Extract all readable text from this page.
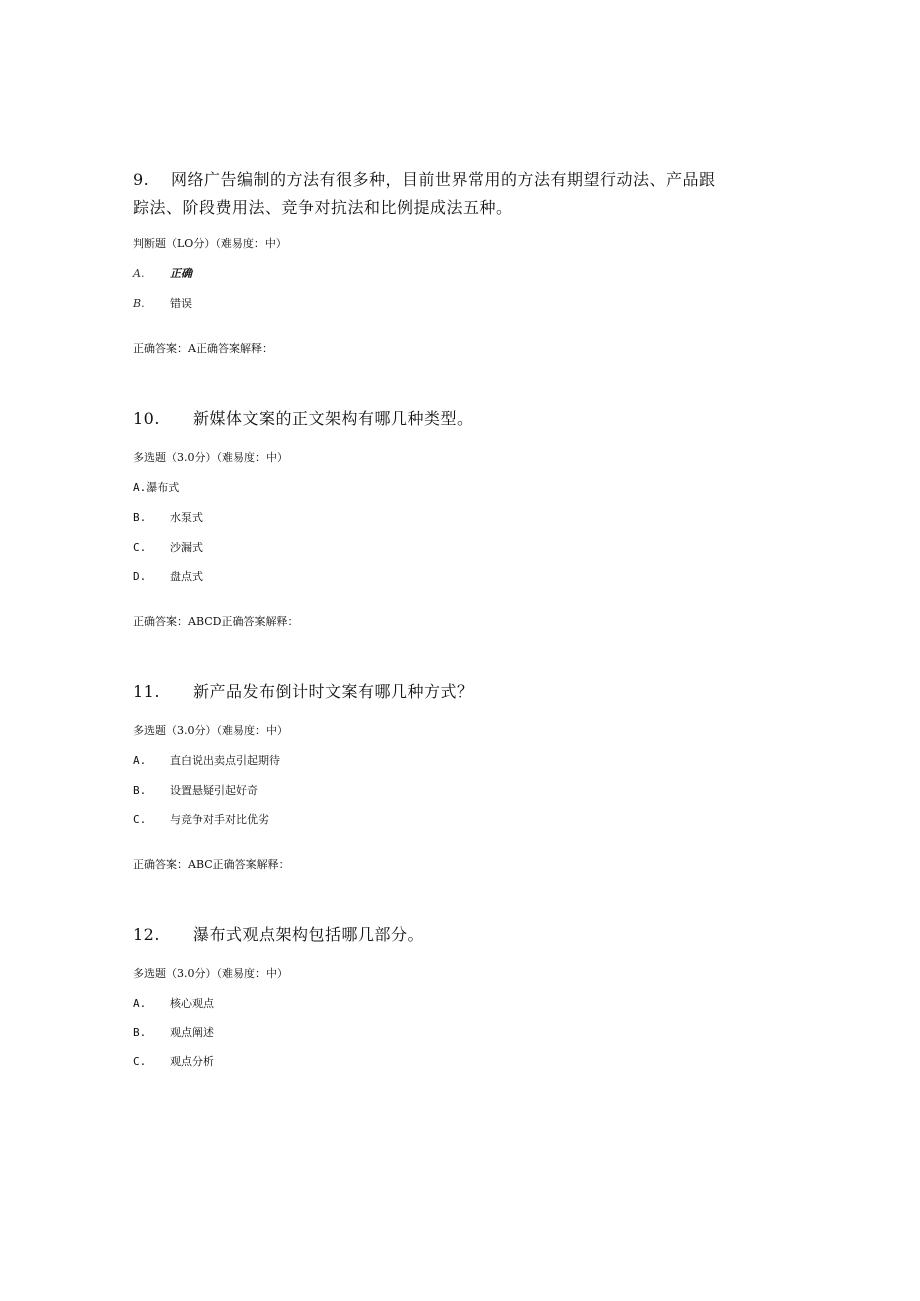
9. 网络广告编制的方法有很多种，目前世界常用的方法有期望行动法、产品跟
踪法、阶段费用法、竞争对抗法和比例提成法五种。
判断题（LO分）（难易度：中）
A. 正确
B. 错误
正确答案：A正确答案解释：
10. 新媒体文案的正文架构有哪几种类型。
多选题（3.0分）（难易度：中）
A.瀑布式
B. 水泵式
C. 沙漏式
D. 盘点式
正确答案：ABCD正确答案解释：
11. 新产品发布倒计时文案有哪几种方式？
多选题（3.0分）（难易度：中）
A. 直白说出卖点引起期待
B. 设置悬疑引起好奇
C. 与竞争对手对比优劣
正确答案：ABC正确答案解释：
12. 瀑布式观点架构包括哪几部分。
多选题（3.0分）（难易度：中）
A. 核心观点
B. 观点阐述
C. 观点分析
